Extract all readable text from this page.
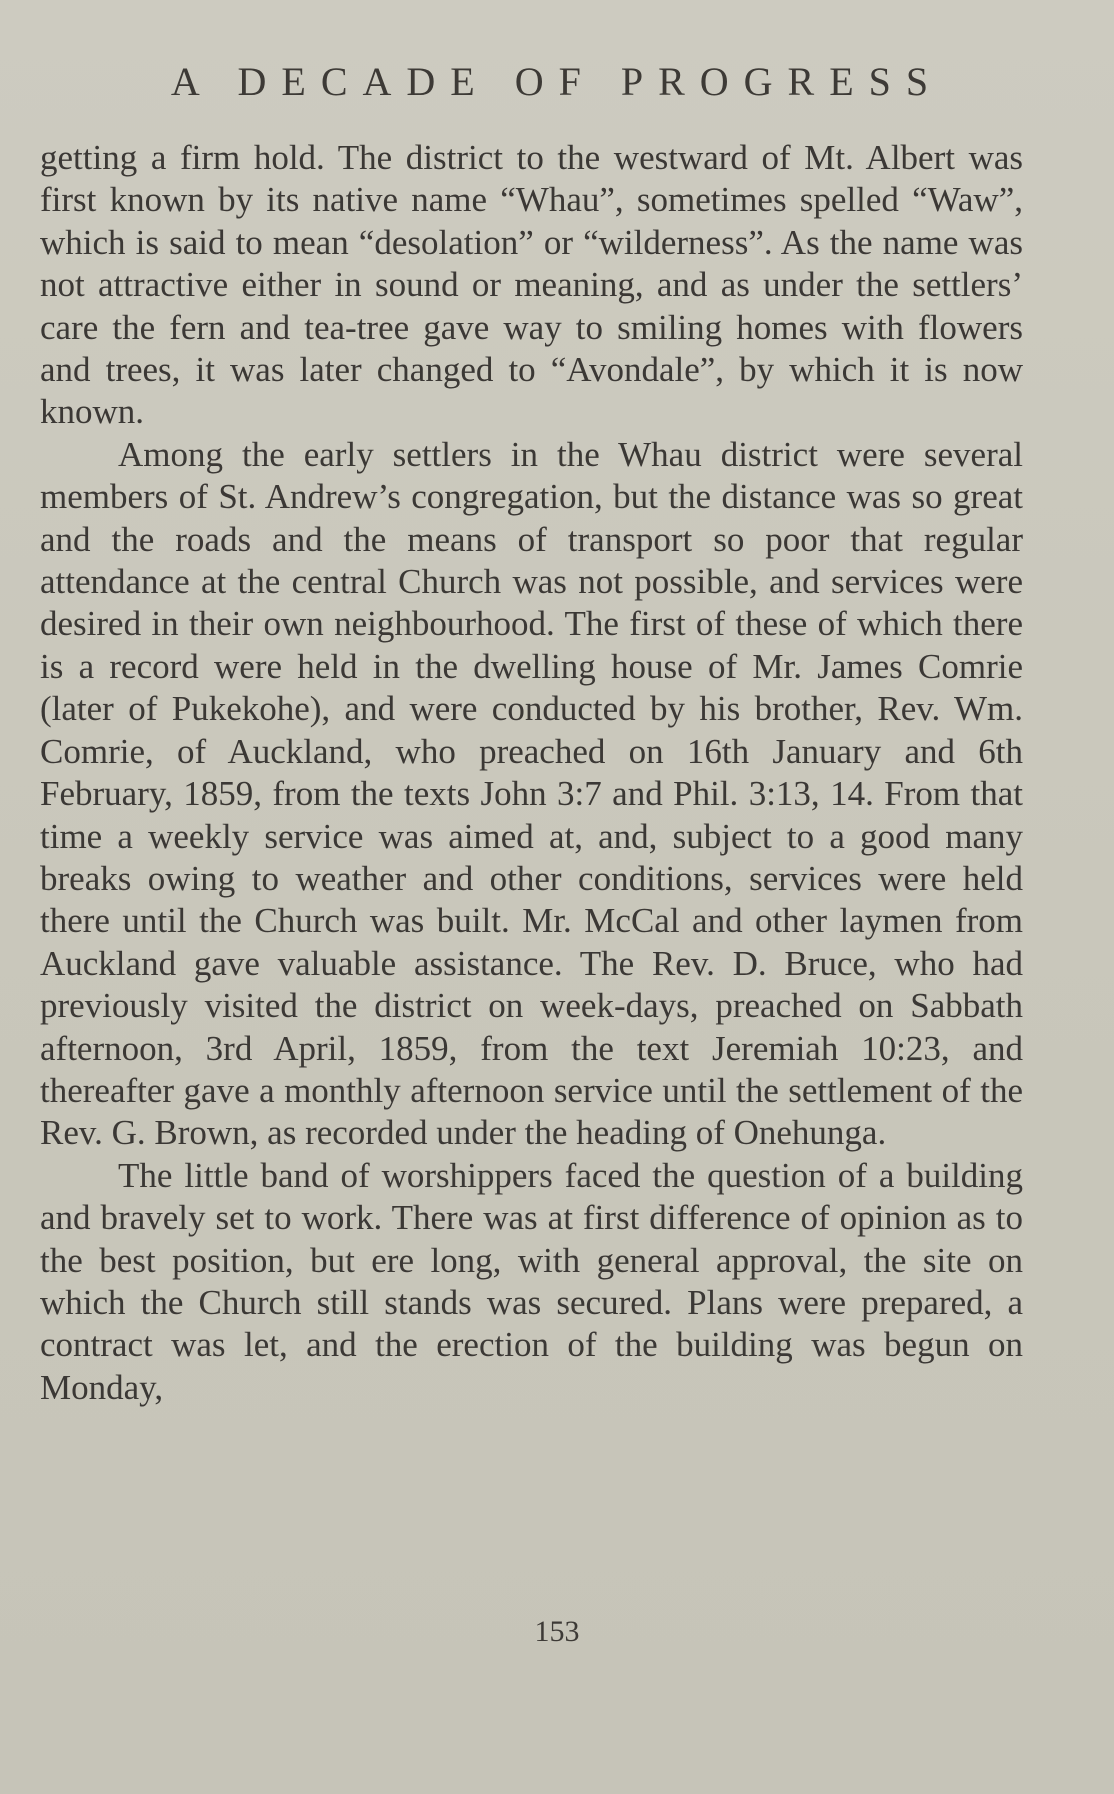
A DECADE OF PROGRESS

getting a firm hold. The district to the westward of Mt. Albert was first known by its native name “Whau”, sometimes spelled “Waw”, which is said to mean “desolation” or “wilderness”. As the name was not attractive either in sound or meaning, and as under the settlers’ care the fern and tea-tree gave way to smiling homes with flowers and trees, it was later changed to “Avondale”, by which it is now known.

Among the early settlers in the Whau district were several members of St. Andrew’s congregation, but the distance was so great and the roads and the means of transport so poor that regular attendance at the central Church was not possible, and services were desired in their own neighbourhood. The first of these of which there is a record were held in the dwelling house of Mr. James Comrie (later of Pukekohe), and were conducted by his brother, Rev. Wm. Comrie, of Auckland, who preached on 16th January and 6th February, 1859, from the texts John 3:7 and Phil. 3:13, 14. From that time a weekly service was aimed at, and, subject to a good many breaks owing to weather and other conditions, services were held there until the Church was built. Mr. McCal and other laymen from Auckland gave valuable assistance. The Rev. D. Bruce, who had previously visited the district on week-days, preached on Sabbath afternoon, 3rd April, 1859, from the text Jeremiah 10:23, and thereafter gave a monthly afternoon service until the settlement of the Rev. G. Brown, as recorded under the heading of Onehunga.

The little band of worshippers faced the question of a building and bravely set to work. There was at first difference of opinion as to the best position, but ere long, with general approval, the site on which the Church still stands was secured. Plans were prepared, a contract was let, and the erection of the building was begun on Monday,

153
